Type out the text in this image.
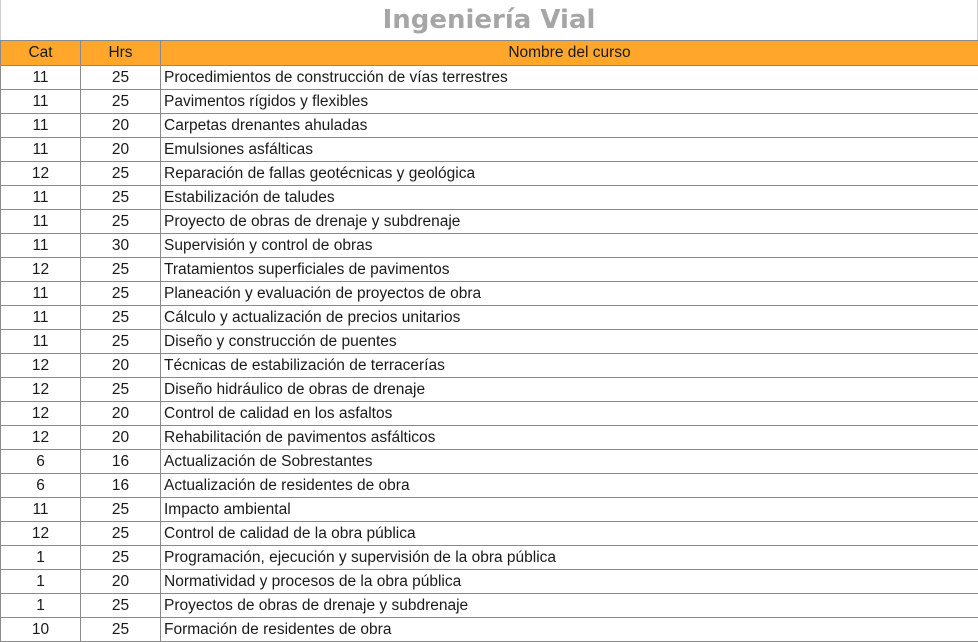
Ingeniería Vial
Cat	Hrs	Nombre del curso
11	25	Procedimientos de construcción de vías terrestres
11	25	Pavimentos rígidos y flexibles
11	20	Carpetas drenantes ahuladas
11	20	Emulsiones asfálticas
12	25	Reparación de fallas geotécnicas y geológica
11	25	Estabilización de taludes
11	25	Proyecto de obras de drenaje y subdrenaje
11	30	Supervisión y control de obras
12	25	Tratamientos superficiales de pavimentos
11	25	Planeación y evaluación de proyectos de obra
11	25	Cálculo y actualización de precios unitarios
11	25	Diseño y construcción de puentes
12	20	Técnicas de estabilización de terracerías
12	25	Diseño hidráulico de obras de drenaje
12	20	Control de calidad en los asfaltos
12	20	Rehabilitación de pavimentos asfálticos
6	16	Actualización de Sobrestantes
6	16	Actualización de residentes de obra
11	25	Impacto ambiental
12	25	Control de calidad de la obra pública
1	25	Programación, ejecución y supervisión de la obra pública
1	20	Normatividad y procesos de la obra pública
1	25	Proyectos de obras de drenaje y subdrenaje
10	25	Formación de residentes de obra
